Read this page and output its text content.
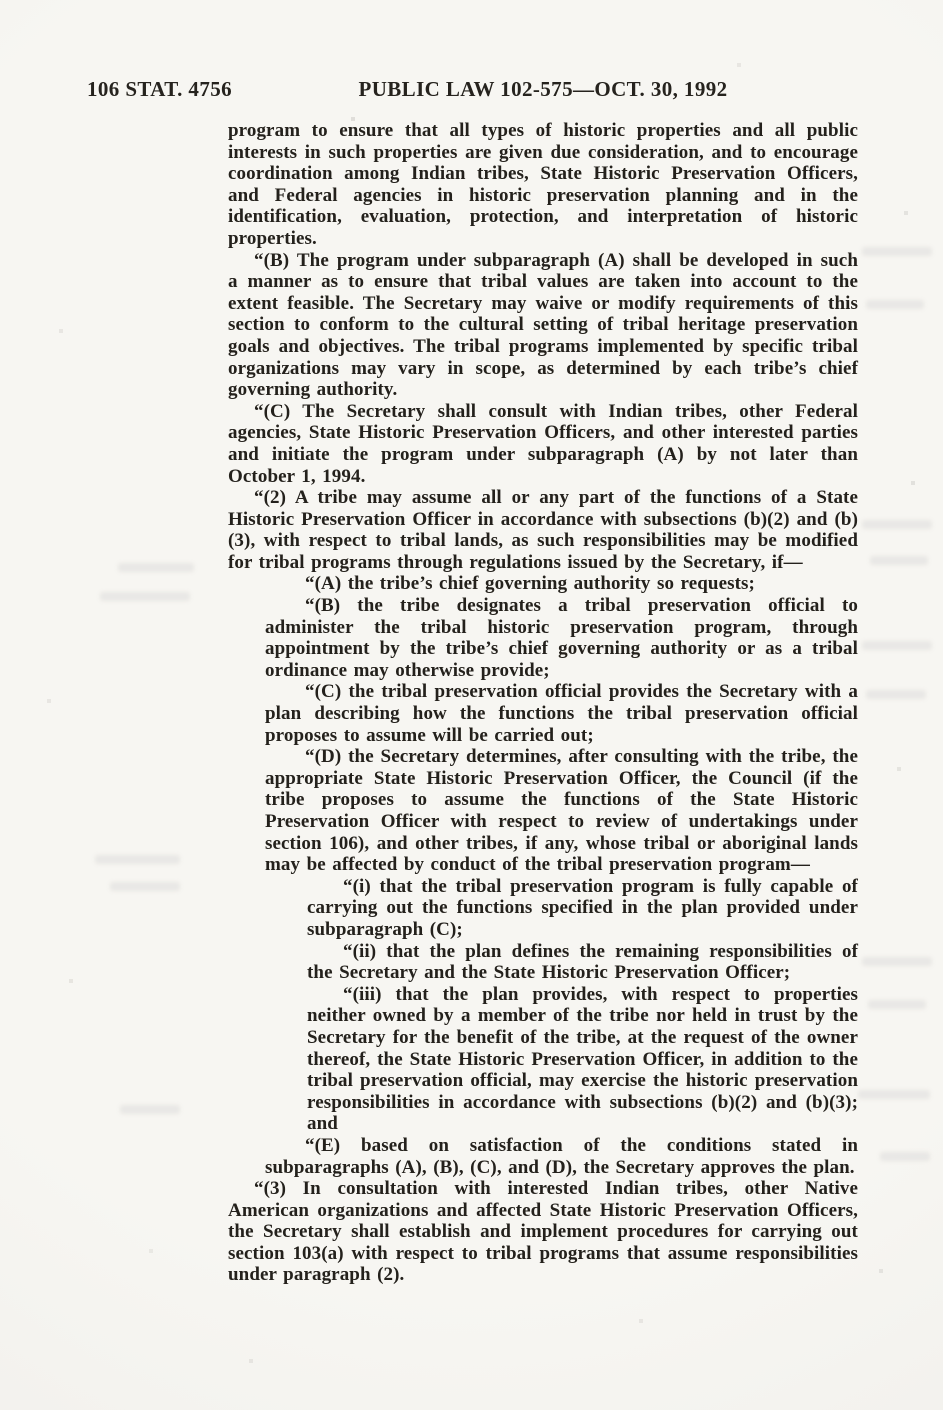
106 STAT. 4756	PUBLIC LAW 102-575—OCT. 30, 1992

program to ensure that all types of historic properties and all public interests in such properties are given due consideration, and to encourage coordination among Indian tribes, State Historic Preservation Officers, and Federal agencies in historic preservation planning and in the identification, evaluation, protection, and interpretation of historic properties.

“(B) The program under subparagraph (A) shall be developed in such a manner as to ensure that tribal values are taken into account to the extent feasible. The Secretary may waive or modify requirements of this section to conform to the cultural setting of tribal heritage preservation goals and objectives. The tribal programs implemented by specific tribal organizations may vary in scope, as determined by each tribe’s chief governing authority.

“(C) The Secretary shall consult with Indian tribes, other Federal agencies, State Historic Preservation Officers, and other interested parties and initiate the program under subparagraph (A) by not later than October 1, 1994.

“(2) A tribe may assume all or any part of the functions of a State Historic Preservation Officer in accordance with subsections (b)(2) and (b)(3), with respect to tribal lands, as such responsibilities may be modified for tribal programs through regulations issued by the Secretary, if—

“(A) the tribe’s chief governing authority so requests;

“(B) the tribe designates a tribal preservation official to administer the tribal historic preservation program, through appointment by the tribe’s chief governing authority or as a tribal ordinance may otherwise provide;

“(C) the tribal preservation official provides the Secretary with a plan describing how the functions the tribal preservation official proposes to assume will be carried out;

“(D) the Secretary determines, after consulting with the tribe, the appropriate State Historic Preservation Officer, the Council (if the tribe proposes to assume the functions of the State Historic Preservation Officer with respect to review of undertakings under section 106), and other tribes, if any, whose tribal or aboriginal lands may be affected by conduct of the tribal preservation program—

“(i) that the tribal preservation program is fully capable of carrying out the functions specified in the plan provided under subparagraph (C);

“(ii) that the plan defines the remaining responsibilities of the Secretary and the State Historic Preservation Officer;

“(iii) that the plan provides, with respect to properties neither owned by a member of the tribe nor held in trust by the Secretary for the benefit of the tribe, at the request of the owner thereof, the State Historic Preservation Officer, in addition to the tribal preservation official, may exercise the historic preservation responsibilities in accordance with subsections (b)(2) and (b)(3); and

“(E) based on satisfaction of the conditions stated in subparagraphs (A), (B), (C), and (D), the Secretary approves the plan.

“(3) In consultation with interested Indian tribes, other Native American organizations and affected State Historic Preservation Officers, the Secretary shall establish and implement procedures for carrying out section 103(a) with respect to tribal programs that assume responsibilities under paragraph (2).
